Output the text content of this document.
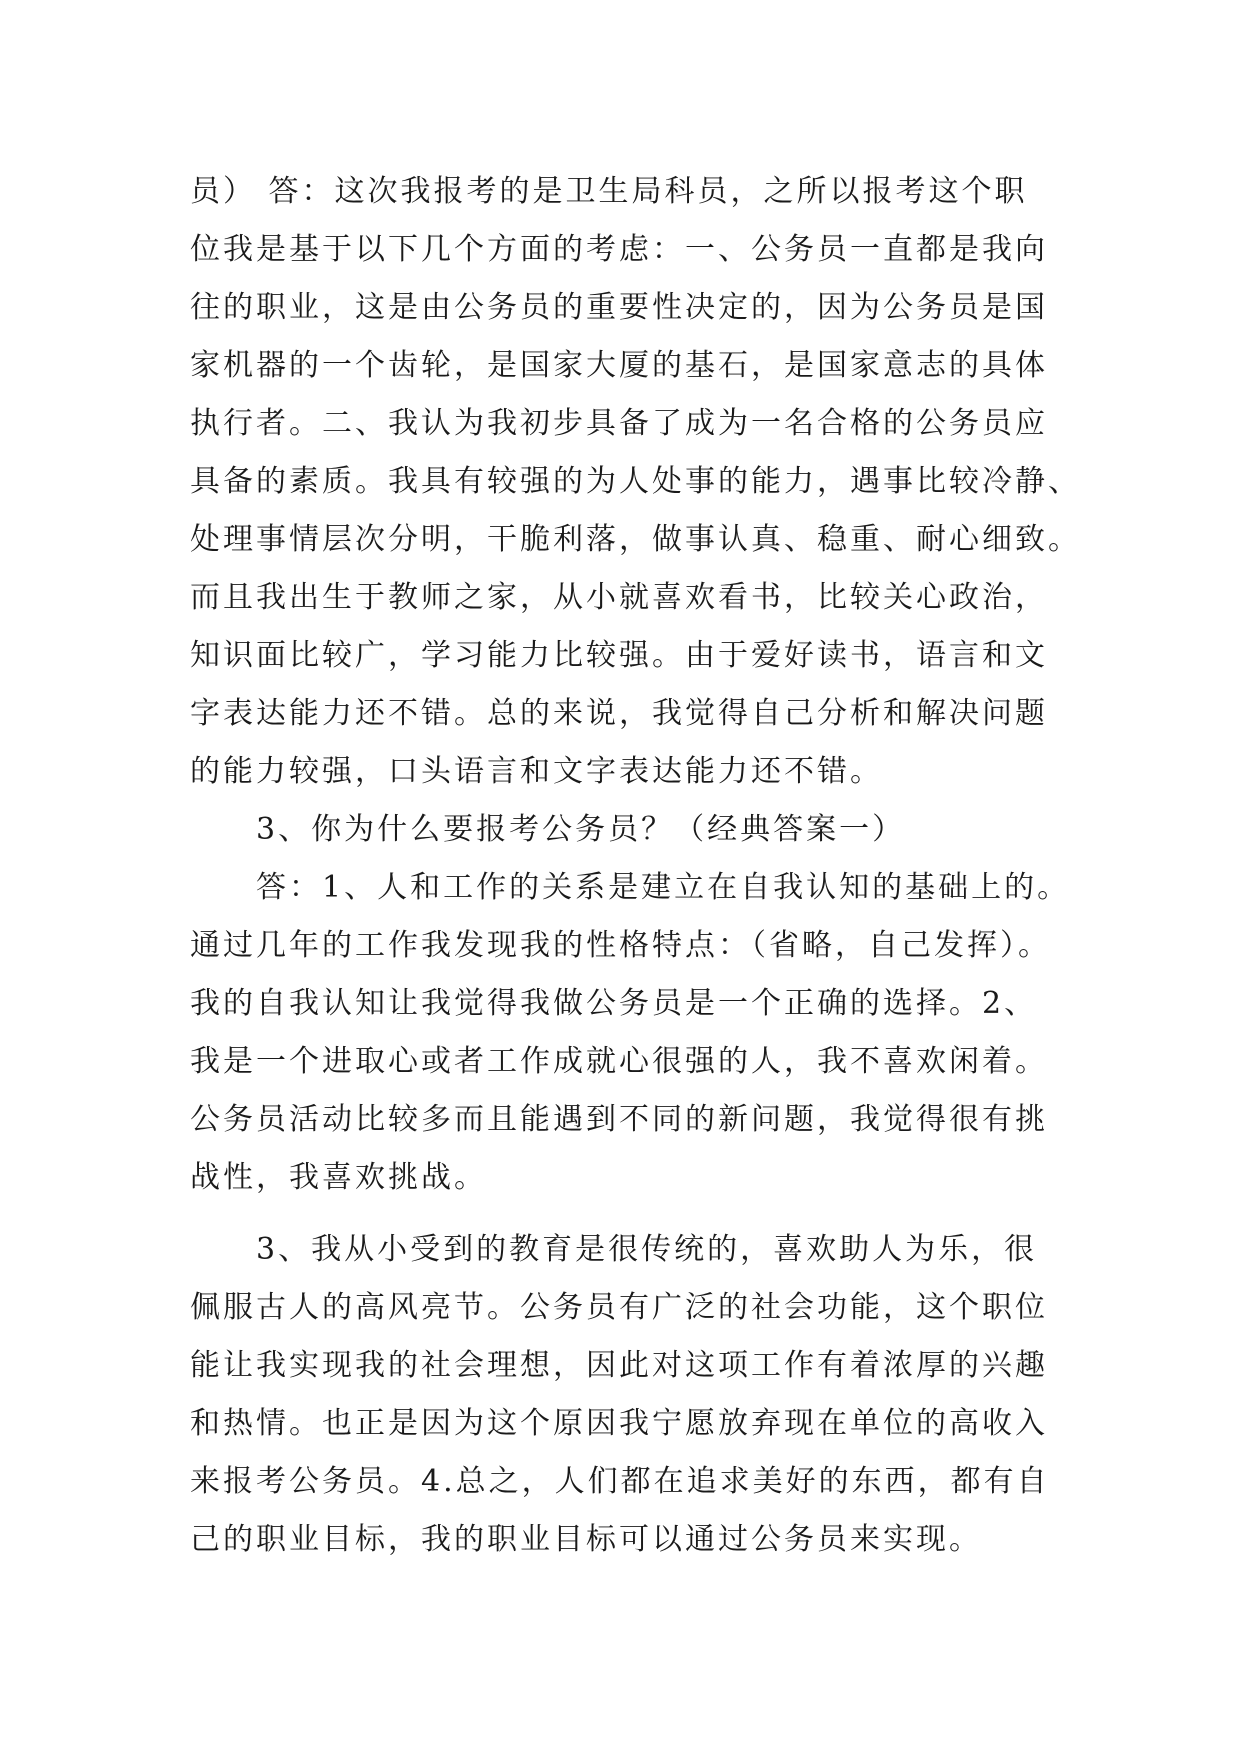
员） 答：这次我报考的是卫生局科员，之所以报考这个职
位我是基于以下几个方面的考虑：一、公务员一直都是我向
往的职业，这是由公务员的重要性决定的，因为公务员是国
家机器的一个齿轮，是国家大厦的基石，是国家意志的具体
执行者。二、我认为我初步具备了成为一名合格的公务员应
具备的素质。我具有较强的为人处事的能力，遇事比较冷静、
处理事情层次分明，干脆利落，做事认真、稳重、耐心细致。
而且我出生于教师之家，从小就喜欢看书，比较关心政治，
知识面比较广，学习能力比较强。由于爱好读书，语言和文
字表达能力还不错。总的来说，我觉得自己分析和解决问题
的能力较强，口头语言和文字表达能力还不错。
3、你为什么要报考公务员？（经典答案一）
答：1、人和工作的关系是建立在自我认知的基础上的。
通过几年的工作我发现我的性格特点：（省略，自己发挥）。
我的自我认知让我觉得我做公务员是一个正确的选择。2、
我是一个进取心或者工作成就心很强的人，我不喜欢闲着。
公务员活动比较多而且能遇到不同的新问题，我觉得很有挑
战性，我喜欢挑战。
3、我从小受到的教育是很传统的，喜欢助人为乐，很
佩服古人的高风亮节。公务员有广泛的社会功能，这个职位
能让我实现我的社会理想，因此对这项工作有着浓厚的兴趣
和热情。也正是因为这个原因我宁愿放弃现在单位的高收入
来报考公务员。4.总之，人们都在追求美好的东西，都有自
己的职业目标，我的职业目标可以通过公务员来实现。
